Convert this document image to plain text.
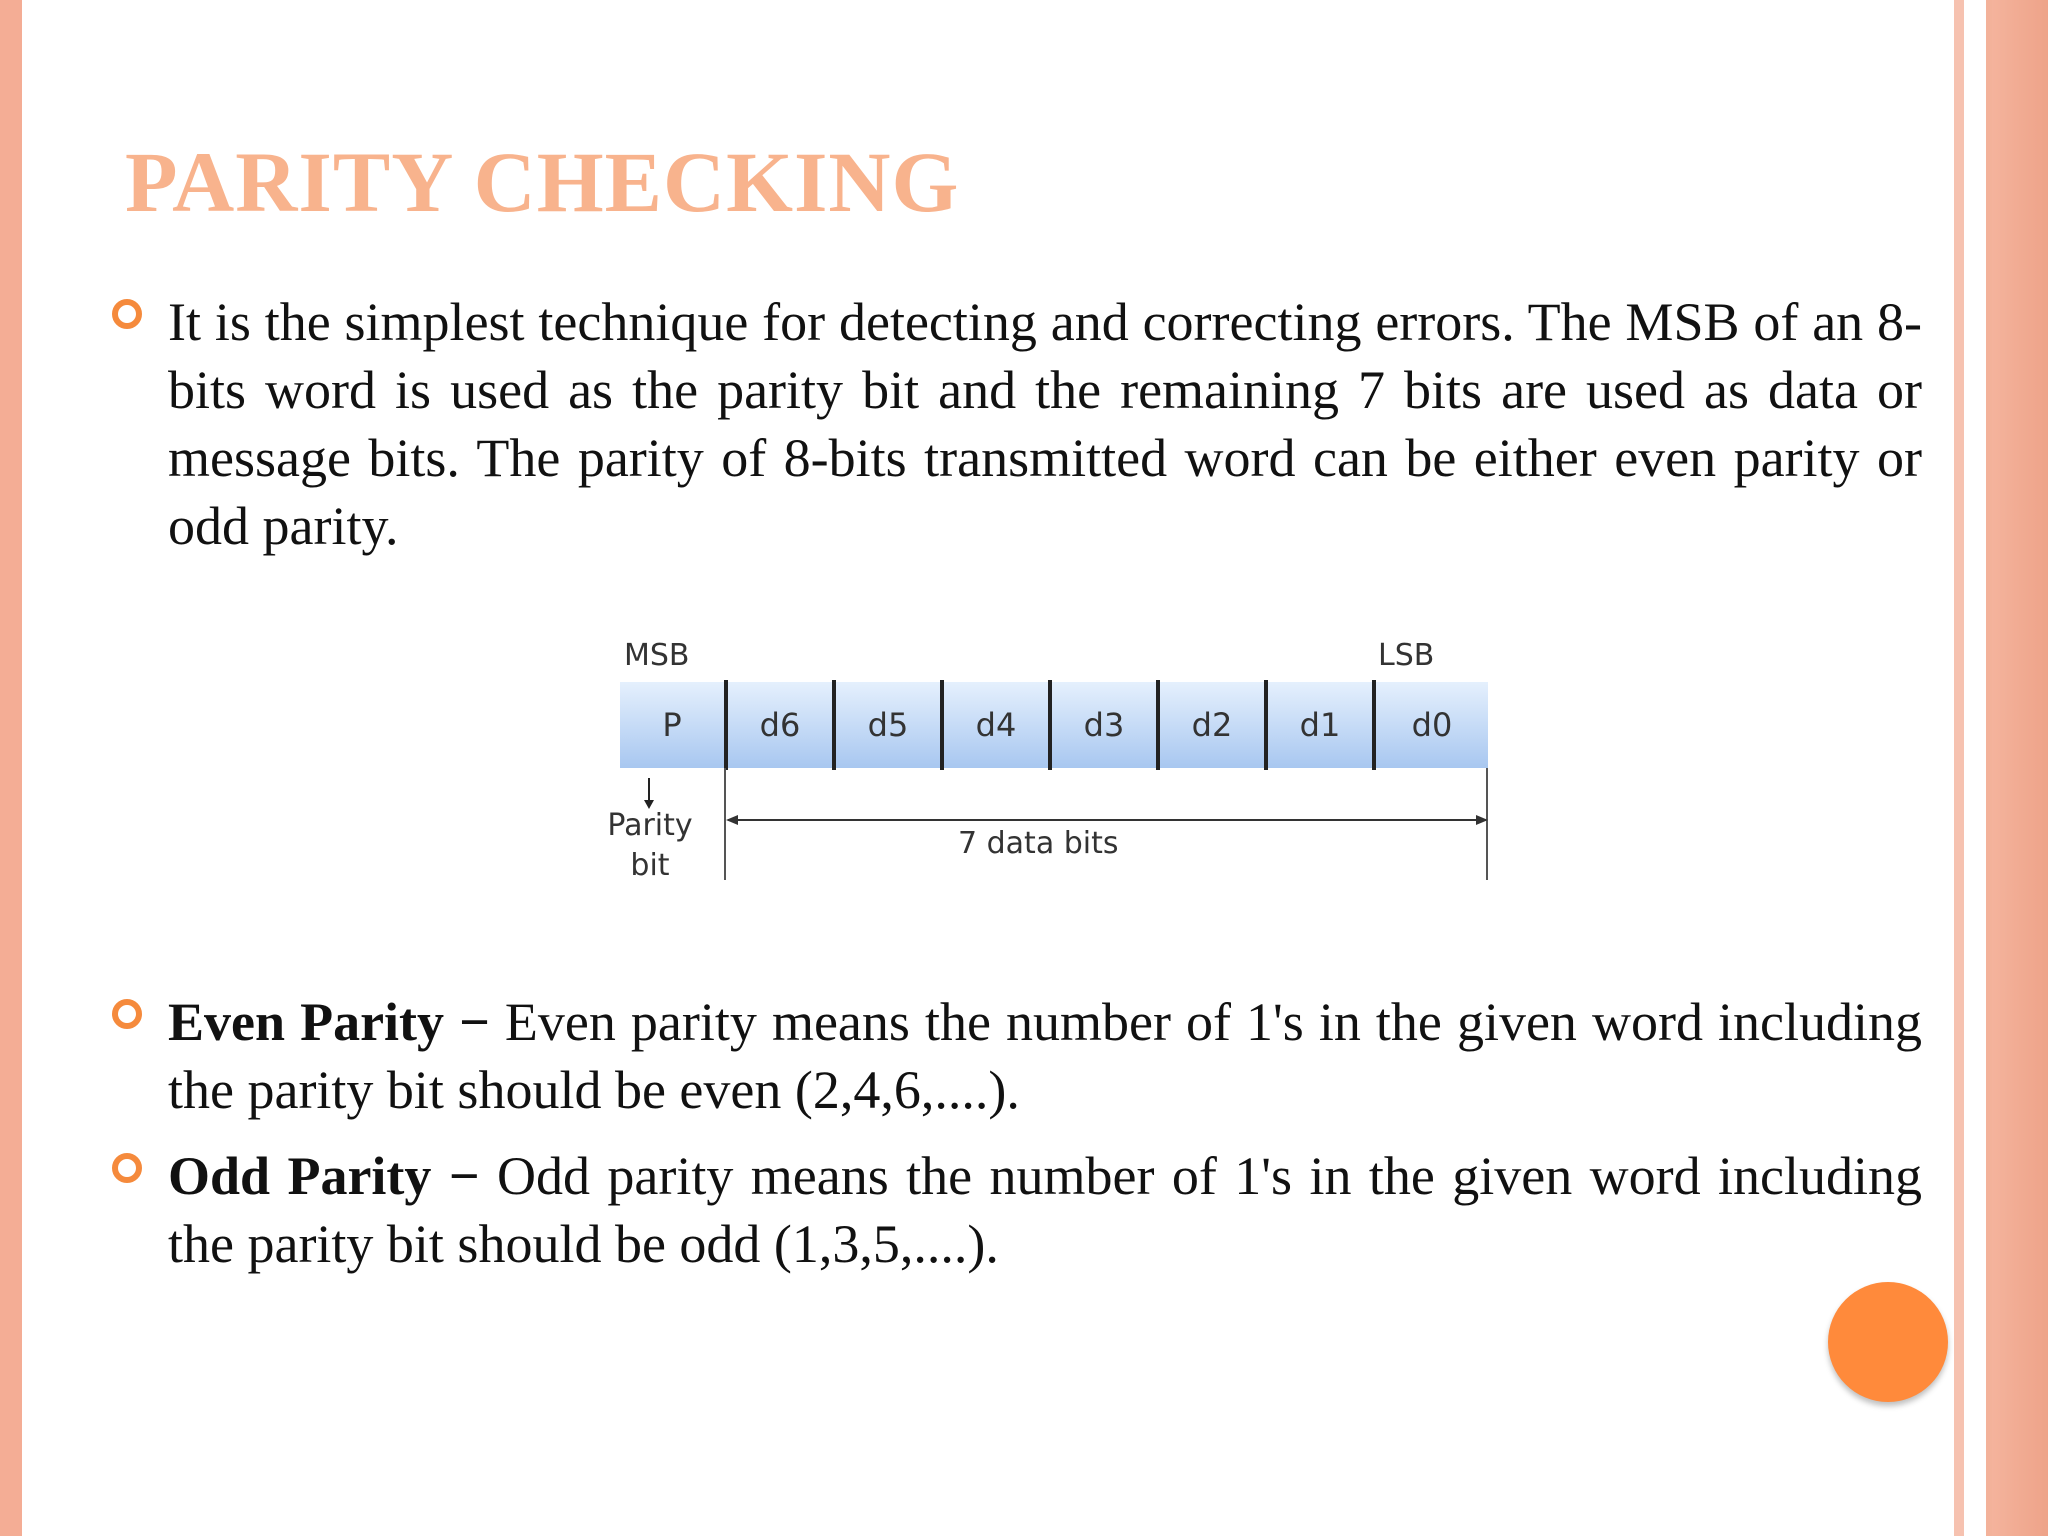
PARITY CHECKING
It is the simplest technique for detecting and correcting errors. The MSB of an 8-bits word is used as the parity bit and the remaining 7 bits are used as data or message bits. The parity of 8-bits transmitted word can be either even parity or odd parity.
MSB	LSB
P	d6	d5	d4	d3	d2	d1	d0
Parity
bit
7 data bits
Even Parity − Even parity means the number of 1's in the given word including the parity bit should be even (2,4,6,....).
Odd Parity − Odd parity means the number of 1's in the given word including the parity bit should be odd (1,3,5,....).
